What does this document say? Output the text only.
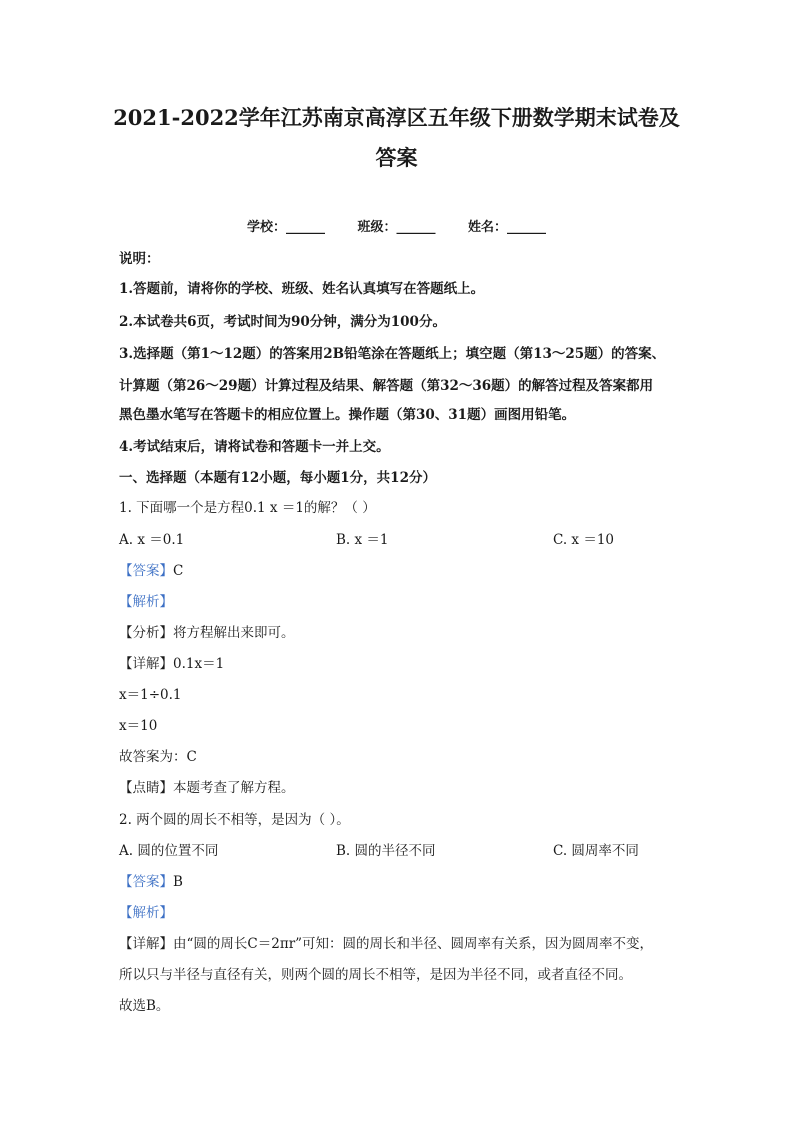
2021-2022学年江苏南京高淳区五年级下册数学期末试卷及
答案
学校：______	班级：______	姓名：______
说明：
1.答题前，请将你的学校、班级、姓名认真填写在答题纸上。
2.本试卷共6页，考试时间为90分钟，满分为100分。
3.选择题（第1～12题）的答案用2B铅笔涂在答题纸上；填空题（第13～25题）的答案、
计算题（第26～29题）计算过程及结果、解答题（第32～36题）的解答过程及答案都用
黑色墨水笔写在答题卡的相应位置上。操作题（第30、31题）画图用铅笔。
4.考试结束后，请将试卷和答题卡一并上交。
一、选择题（本题有12小题，每小题1分，共12分）
1. 下面哪一个是方程0.1 x ＝1的解？（ ）
A. x ＝0.1	B. x ＝1	C. x ＝10
【答案】C
【解析】
【分析】将方程解出来即可。
【详解】0.1x＝1
x＝1÷0.1
x＝10
故答案为：C
【点睛】本题考查了解方程。
2. 两个圆的周长不相等，是因为（ ）。
A. 圆的位置不同	B. 圆的半径不同	C. 圆周率不同
【答案】B
【解析】
【详解】由“圆的周长C＝2πr”可知：圆的周长和半径、圆周率有关系，因为圆周率不变，
所以只与半径与直径有关，则两个圆的周长不相等，是因为半径不同，或者直径不同。
故选B。
